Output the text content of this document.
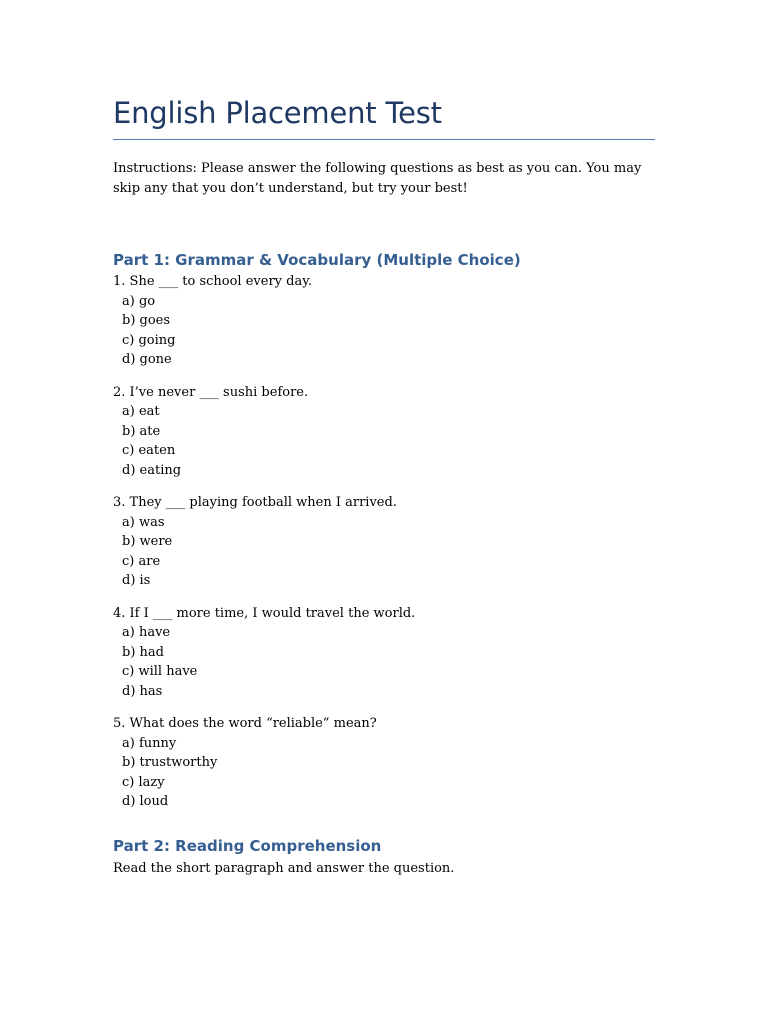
English Placement Test

Instructions: Please answer the following questions as best as you can. You may skip any that you don’t understand, but try your best!

Part 1: Grammar & Vocabulary (Multiple Choice)

1. She ___ to school every day.

a) go
b) goes
c) going
d) gone

2. I’ve never ___ sushi before.

a) eat
b) ate
c) eaten
d) eating

3. They ___ playing football when I arrived.

a) was
b) were
c) are
d) is

4. If I ___ more time, I would travel the world.

a) have
b) had
c) will have
d) has

5. What does the word “reliable” mean?

a) funny
b) trustworthy
c) lazy
d) loud
Part 2: Reading Comprehension

Read the short paragraph and answer the question.
